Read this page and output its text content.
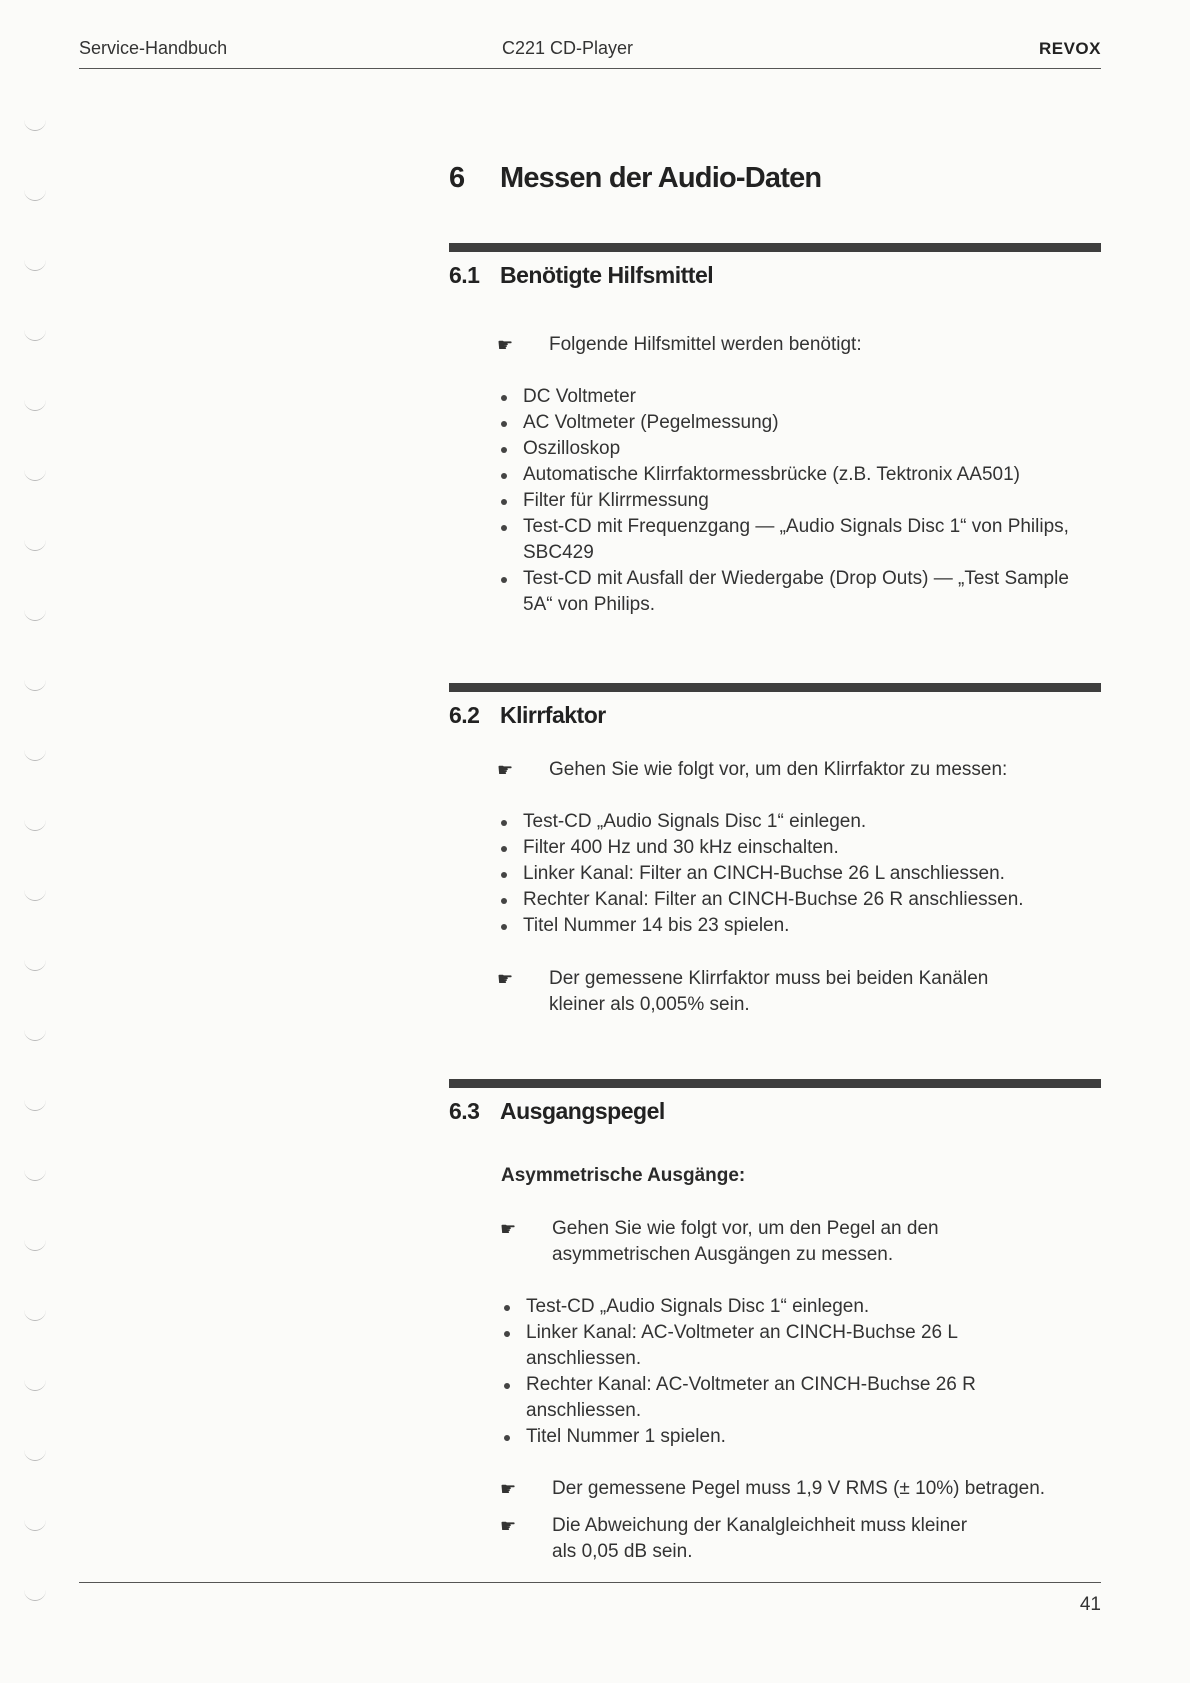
Service-Handbuch	C221 CD-Player	REVOX
6 Messen der Audio-Daten
6.1 Benötigte Hilfsmittel
☛	Folgende Hilfsmittel werden benötigt:
DC Voltmeter
AC Voltmeter (Pegelmessung)
Oszilloskop
Automatische Klirrfaktormessbrücke (z.B. Tektronix AA501)
Filter für Klirrmessung
Test-CD mit Frequenzgang — „Audio Signals Disc 1“ von Philips, SBC429
Test-CD mit Ausfall der Wiedergabe (Drop Outs) — „Test Sample 5A“ von Philips.
6.2 Klirrfaktor
☛	Gehen Sie wie folgt vor, um den Klirrfaktor zu messen:
Test-CD „Audio Signals Disc 1“ einlegen.
Filter 400 Hz und 30 kHz einschalten.
Linker Kanal: Filter an CINCH-Buchse 26 L anschliessen.
Rechter Kanal: Filter an CINCH-Buchse 26 R anschliessen.
Titel Nummer 14 bis 23 spielen.
☛	Der gemessene Klirrfaktor muss bei beiden Kanälen kleiner als 0,005% sein.
6.3 Ausgangspegel
Asymmetrische Ausgänge:
☛	Gehen Sie wie folgt vor, um den Pegel an den asymmetrischen Ausgängen zu messen.
Test-CD „Audio Signals Disc 1“ einlegen.
Linker Kanal: AC-Voltmeter an CINCH-Buchse 26 L anschliessen.
Rechter Kanal: AC-Voltmeter an CINCH-Buchse 26 R anschliessen.
Titel Nummer 1 spielen.
☛	Der gemessene Pegel muss 1,9 V RMS (± 10%) betragen.
☛	Die Abweichung der Kanalgleichheit muss kleiner als 0,05 dB sein.
41
